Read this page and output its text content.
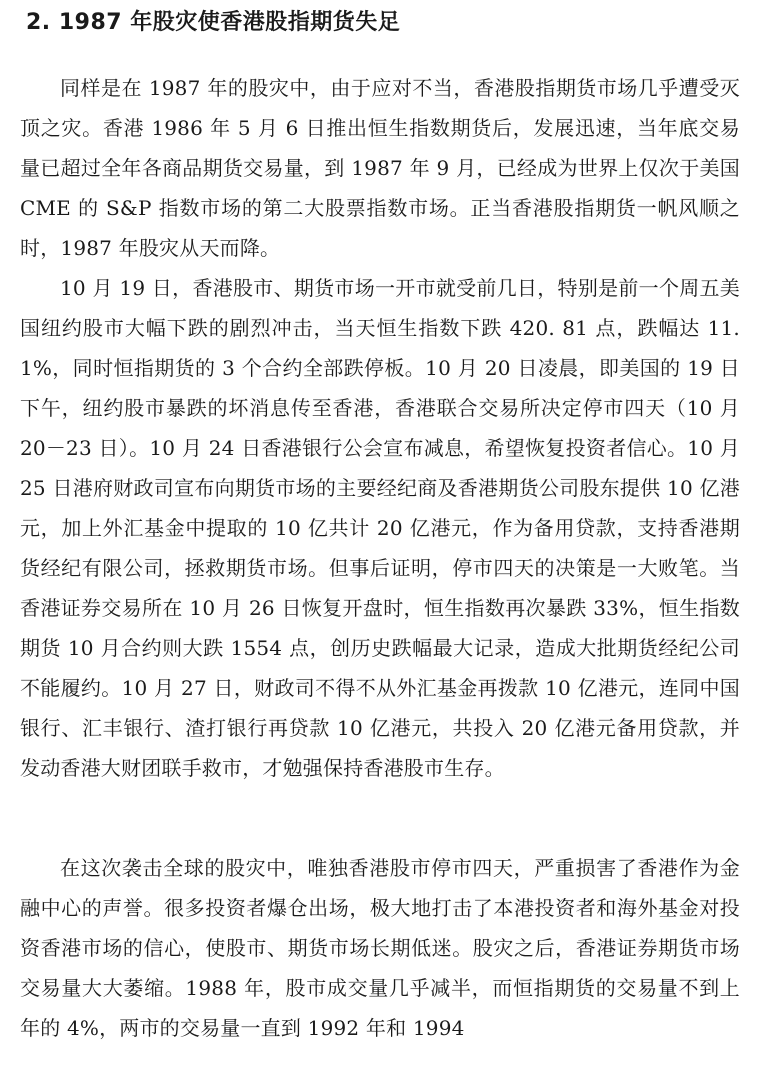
2. 1987 年股灾使香港股指期货失足

同样是在 1987 年的股灾中，由于应对不当，香港股指期货市场几乎遭受灭顶之灾。香港 1986 年 5 月 6 日推出恒生指数期货后，发展迅速，当年底交易量已超过全年各商品期货交易量，到 1987 年 9 月，已经成为世界上仅次于美国 CME 的 S&P 指数市场的第二大股票指数市场。正当香港股指期货一帆风顺之时，1987 年股灾从天而降。

10 月 19 日，香港股市、期货市场一开市就受前几日，特别是前一个周五美国纽约股市大幅下跌的剧烈冲击，当天恒生指数下跌 420. 81 点，跌幅达 11. 1%，同时恒指期货的 3 个合约全部跌停板。10 月 20 日凌晨，即美国的 19 日下午，纽约股市暴跌的坏消息传至香港，香港联合交易所决定停市四天（10 月 20－23 日）。10 月 24 日香港银行公会宣布减息，希望恢复投资者信心。10 月 25 日港府财政司宣布向期货市场的主要经纪商及香港期货公司股东提供 10 亿港元，加上外汇基金中提取的 10 亿共计 20 亿港元，作为备用贷款，支持香港期货经纪有限公司，拯救期货市场。但事后证明，停市四天的决策是一大败笔。当香港证券交易所在 10 月 26 日恢复开盘时，恒生指数再次暴跌 33%，恒生指数期货 10 月合约则大跌 1554 点，创历史跌幅最大记录，造成大批期货经纪公司不能履约。10 月 27 日，财政司不得不从外汇基金再拨款 10 亿港元，连同中国银行、汇丰银行、渣打银行再贷款 10 亿港元，共投入 20 亿港元备用贷款，并发动香港大财团联手救市，才勉强保持香港股市生存。

在这次袭击全球的股灾中，唯独香港股市停市四天，严重损害了香港作为金融中心的声誉。很多投资者爆仓出场，极大地打击了本港投资者和海外基金对投资香港市场的信心，使股市、期货市场长期低迷。股灾之后，香港证券期货市场交易量大大萎缩。1988 年，股市成交量几乎减半，而恒指期货的交易量不到上年的 4%，两市的交易量一直到 1992 年和 1994
